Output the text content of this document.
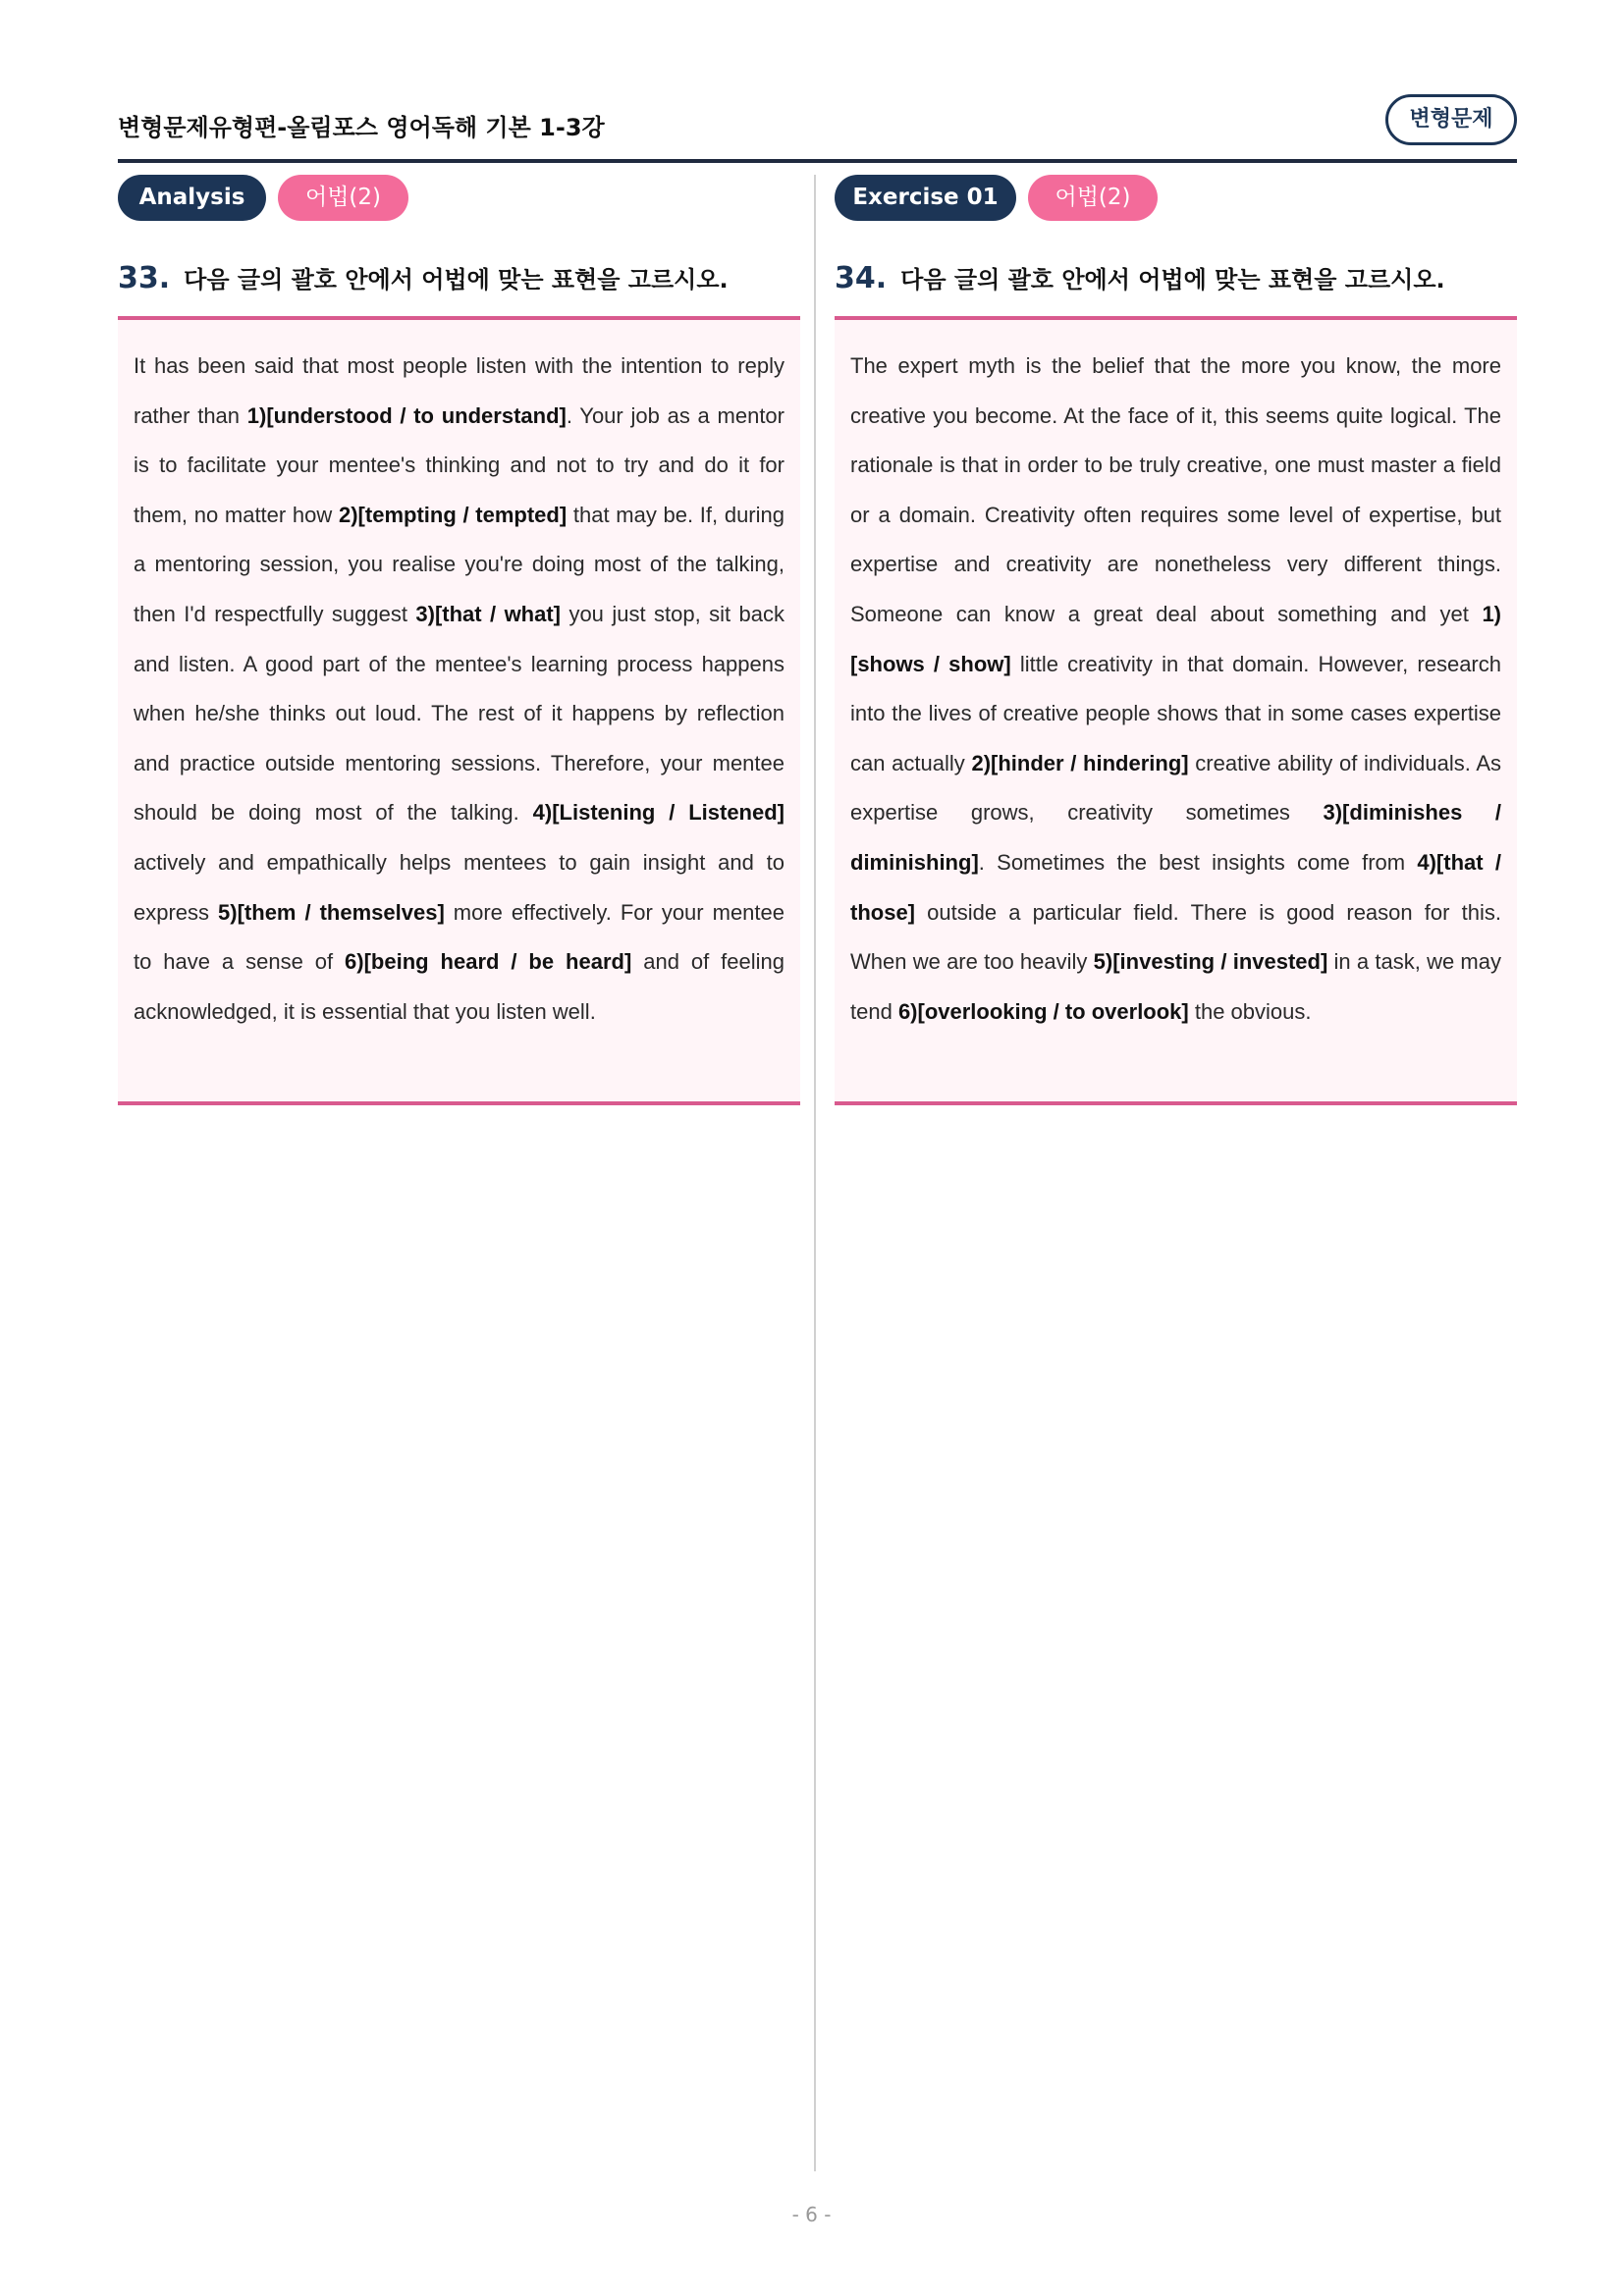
변형문제유형편-올림포스 영어독해 기본 1-3강	변형문제
Analysis	어법(2)
33. 다음 글의 괄호 안에서 어법에 맞는 표현을 고르시오.
It has been said that most people listen with the intention to reply rather than 1)[understood / to understand]. Your job as a mentor is to facilitate your mentee's thinking and not to try and do it for them, no matter how 2)[tempting / tempted] that may be. If, during a mentoring session, you realise you're doing most of the talking, then I'd respectfully suggest 3)[that / what] you just stop, sit back and listen. A good part of the mentee's learning process happens when he/she thinks out loud. The rest of it happens by reflection and practice outside mentoring sessions. Therefore, your mentee should be doing most of the talking. 4)[Listening / Listened] actively and empathically helps mentees to gain insight and to express 5)[them / themselves] more effectively. For your mentee to have a sense of 6)[being heard / be heard] and of feeling acknowledged, it is essential that you listen well.
Exercise 01	어법(2)
34. 다음 글의 괄호 안에서 어법에 맞는 표현을 고르시오.
The expert myth is the belief that the more you know, the more creative you become. At the face of it, this seems quite logical. The rationale is that in order to be truly creative, one must master a field or a domain. Creativity often requires some level of expertise, but expertise and creativity are nonetheless very different things. Someone can know a great deal about something and yet 1)[shows / show] little creativity in that domain. However, research into the lives of creative people shows that in some cases expertise can actually 2)[hinder / hindering] creative ability of individuals. As expertise grows, creativity sometimes 3)[diminishes / diminishing]. Sometimes the best insights come from 4)[that / those] outside a particular field. There is good reason for this. When we are too heavily 5)[investing / invested] in a task, we may tend 6)[overlooking / to overlook] the obvious.
- 6 -
